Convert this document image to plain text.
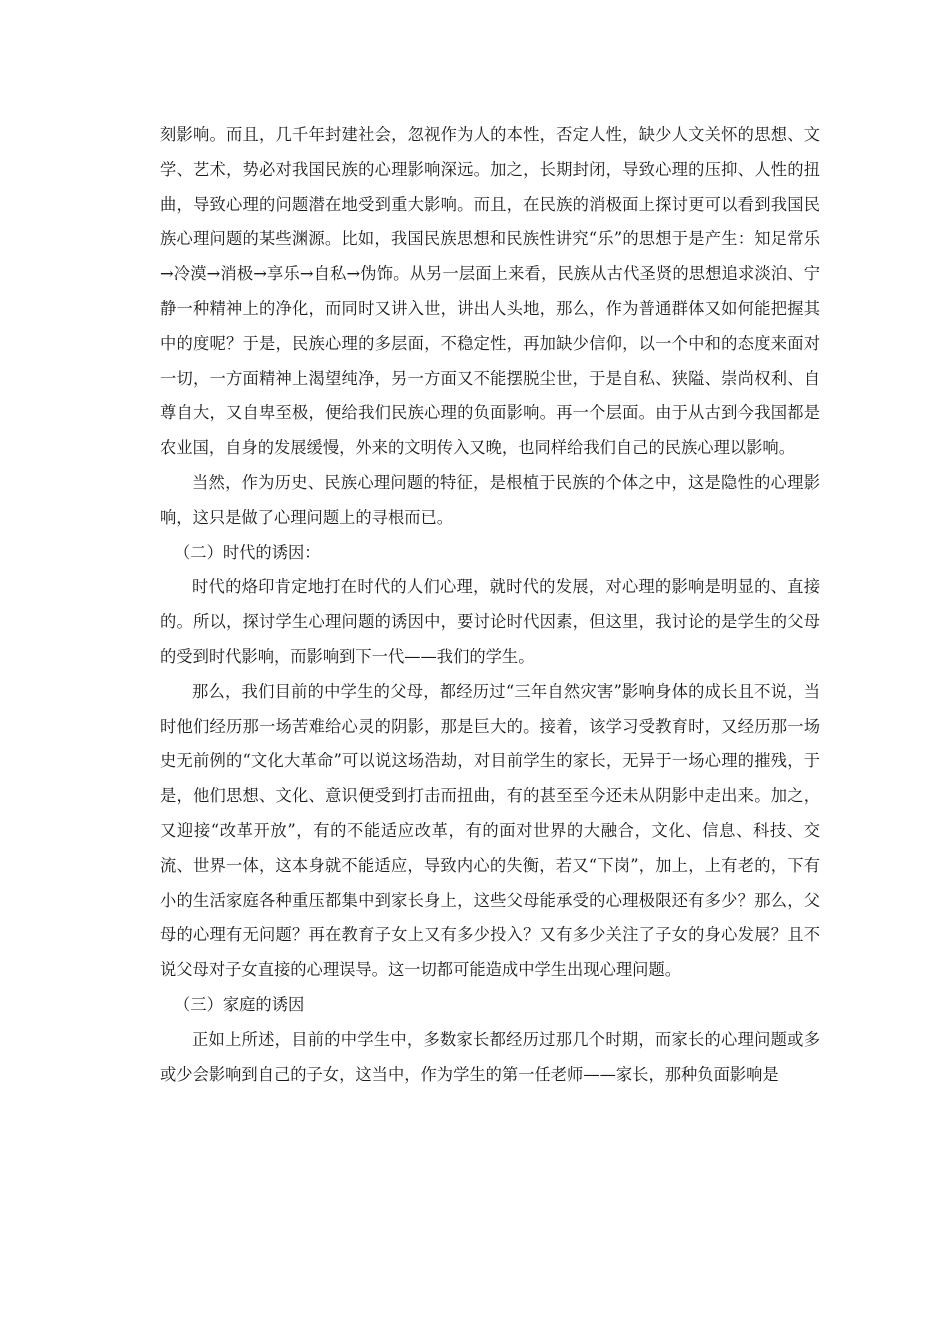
刻影响。而且，几千年封建社会，忽视作为人的本性，否定人性，缺少人文关怀的思想、文学、艺术，势必对我国民族的心理影响深远。加之，长期封闭，导致心理的压抑、人性的扭曲，导致心理的问题潜在地受到重大影响。而且，在民族的消极面上探讨更可以看到我国民族心理问题的某些渊源。比如，我国民族思想和民族性讲究“乐”的思想于是产生：知足常乐→冷漠→消极→享乐→自私→伪饰。从另一层面上来看，民族从古代圣贤的思想追求淡泊、宁静一种精神上的净化，而同时又讲入世，讲出人头地，那么，作为普通群体又如何能把握其中的度呢？于是，民族心理的多层面，不稳定性，再加缺少信仰，以一个中和的态度来面对一切，一方面精神上渴望纯净，另一方面又不能摆脱尘世，于是自私、狭隘、崇尚权利、自尊自大，又自卑至极，便给我们民族心理的负面影响。再一个层面。由于从古到今我国都是农业国，自身的发展缓慢，外来的文明传入又晚，也同样给我们自己的民族心理以影响。

当然，作为历史、民族心理问题的特征，是根植于民族的个体之中，这是隐性的心理影响，这只是做了心理问题上的寻根而已。

（二）时代的诱因：

时代的烙印肯定地打在时代的人们心理，就时代的发展，对心理的影响是明显的、直接的。所以，探讨学生心理问题的诱因中，要讨论时代因素，但这里，我讨论的是学生的父母的受到时代影响，而影响到下一代——我们的学生。

那么，我们目前的中学生的父母，都经历过“三年自然灾害”影响身体的成长且不说，当时他们经历那一场苦难给心灵的阴影，那是巨大的。接着，该学习受教育时，又经历那一场史无前例的“文化大革命”可以说这场浩劫，对目前学生的家长，无异于一场心理的摧残，于是，他们思想、文化、意识便受到打击而扭曲，有的甚至至今还未从阴影中走出来。加之，又迎接“改革开放”，有的不能适应改革，有的面对世界的大融合，文化、信息、科技、交流、世界一体，这本身就不能适应，导致内心的失衡，若又“下岗”，加上，上有老的，下有小的生活家庭各种重压都集中到家长身上，这些父母能承受的心理极限还有多少？那么，父母的心理有无问题？再在教育子女上又有多少投入？又有多少关注了子女的身心发展？且不说父母对子女直接的心理误导。这一切都可能造成中学生出现心理问题。

（三）家庭的诱因

正如上所述，目前的中学生中，多数家长都经历过那几个时期，而家长的心理问题或多或少会影响到自己的子女，这当中，作为学生的第一任老师——家长，那种负面影响是
